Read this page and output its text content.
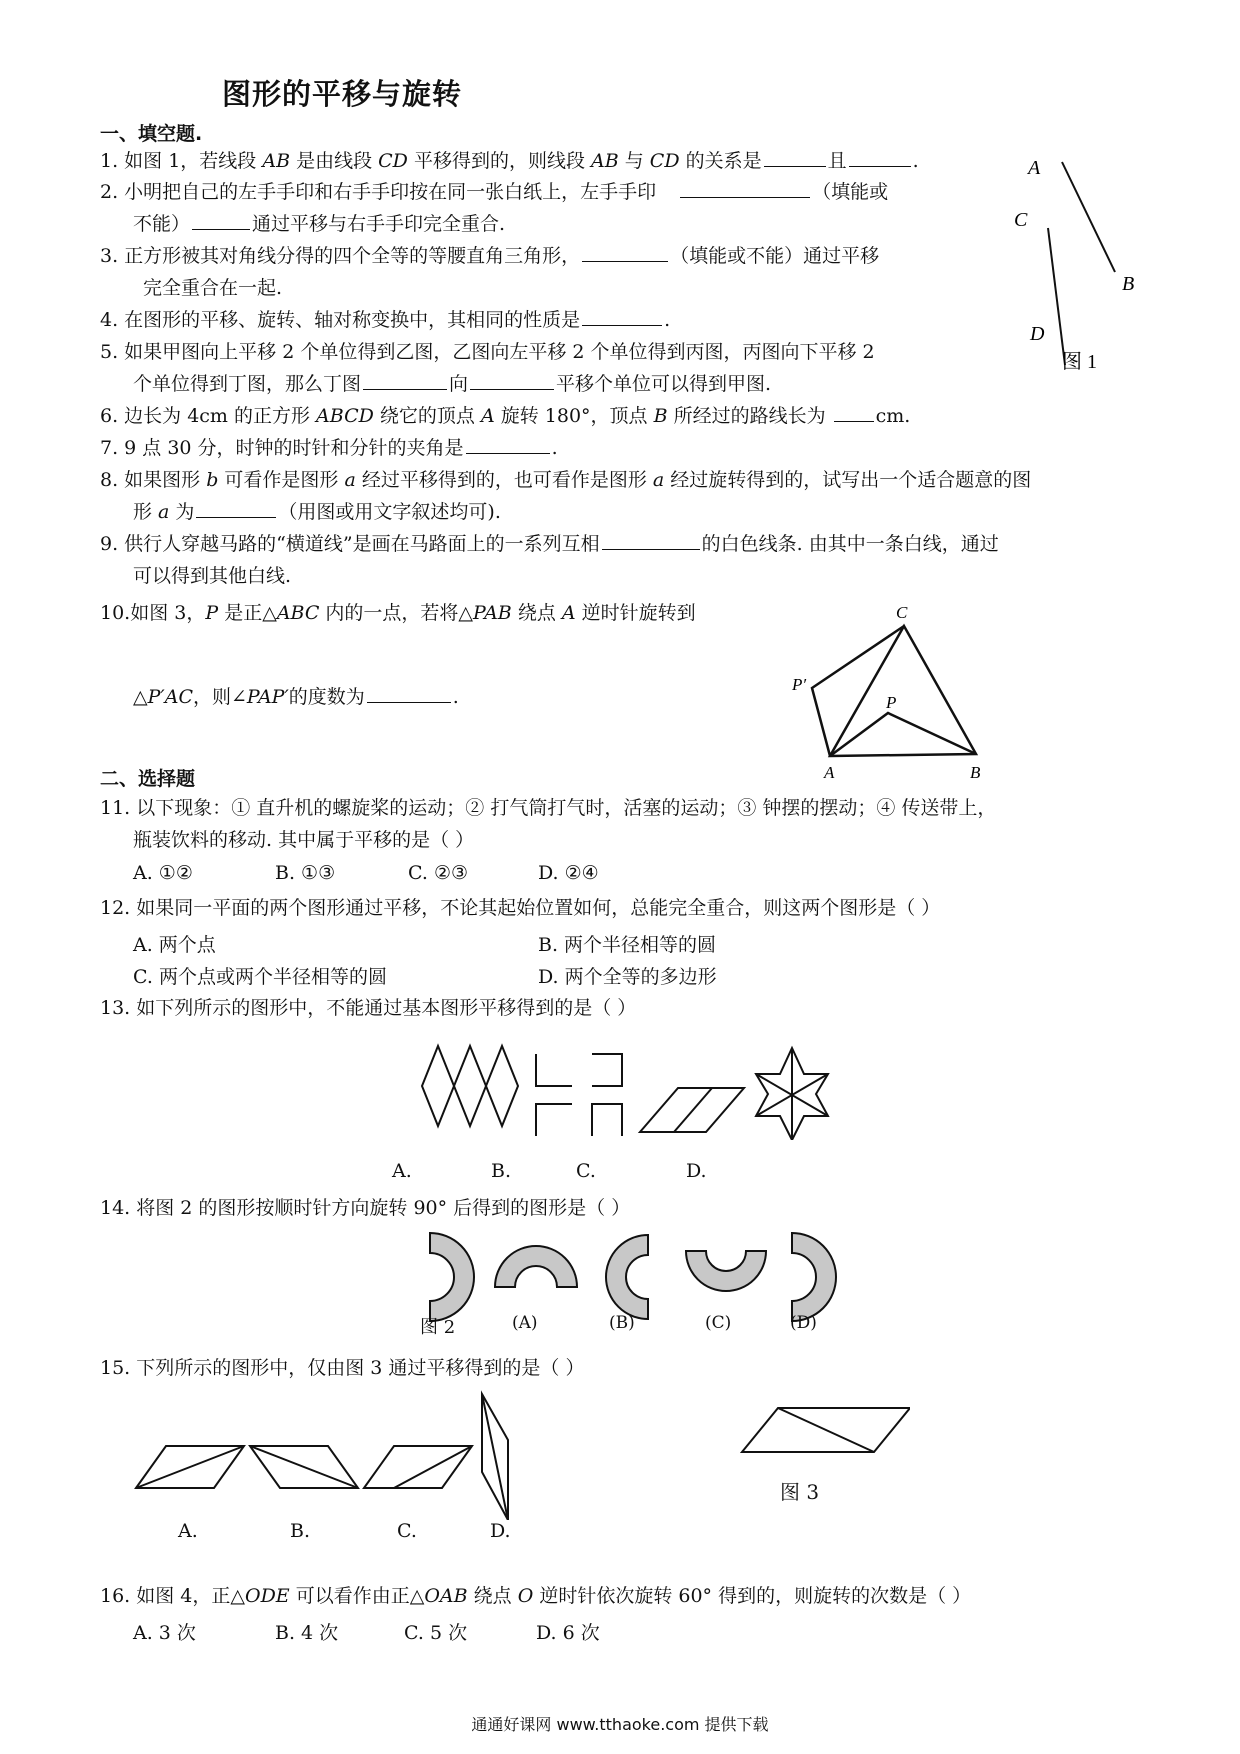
图形的平移与旋转
一、填空题.
1. 如图 1，若线段 AB 是由线段 CD 平移得到的，则线段 AB 与 CD 的关系是	且	.
2. 小明把自己的左手手印和右手手印按在同一张白纸上，左手手印	（填能或
不能）	通过平移与右手手印完全重合.
3. 正方形被其对角线分得的四个全等的等腰直角三角形，	（填能或不能）通过平移
完全重合在一起.
4. 在图形的平移、旋转、轴对称变换中，其相同的性质是	.
5. 如果甲图向上平移 2 个单位得到乙图，乙图向左平移 2 个单位得到丙图，丙图向下平移 2
个单位得到丁图，那么丁图	向	平移个单位可以得到甲图.
6. 边长为 4cm 的正方形 ABCD 绕它的顶点 A 旋转 180°，顶点 B 所经过的路线长为 cm.
7. 9 点 30 分，时钟的时针和分针的夹角是	.
8. 如果图形 b 可看作是图形 a 经过平移得到的，也可看作是图形 a 经过旋转得到的，试写出一个适合题意的图
形 a 为	（用图或用文字叙述均可).
9. 供行人穿越马路的“横道线”是画在马路面上的一系列互相	的白色线条. 由其中一条白线，通过
可以得到其他白线.
10.如图 3，P 是正△ABC 内的一点，若将△PAB 绕点 A 逆时针旋转到
△P′AC，则∠PAP′的度数为	.
A
B
C
D
图 1
C
P′
P
A	B
二、选择题
11. 以下现象：① 直升机的螺旋桨的运动；② 打气筒打气时，活塞的运动；③ 钟摆的摆动；④ 传送带上，
瓶装饮料的移动. 其中属于平移的是（ ）
A. ①②	B. ①③	C. ②③	D. ②④
12. 如果同一平面的两个图形通过平移，不论其起始位置如何，总能完全重合，则这两个图形是（ ）
A. 两个点	B. 两个半径相等的圆
C. 两个点或两个半径相等的圆	D. 两个全等的多边形
13. 如下列所示的图形中，不能通过基本图形平移得到的是（ ）
A.	B.	C.	D.
14. 将图 2 的图形按顺时针方向旋转 90° 后得到的图形是（ ）
图 2	(A)	(B)	(C)	(D)
15. 下列所示的图形中，仅由图 3 通过平移得到的是（ ）
图 3
A.	B.	C.	D.
16. 如图 4，正△ODE 可以看作由正△OAB 绕点 O 逆时针依次旋转 60° 得到的，则旋转的次数是（ ）
A. 3 次	B. 4 次	C. 5 次	D. 6 次
通通好课网 www.tthaoke.com 提供下载
